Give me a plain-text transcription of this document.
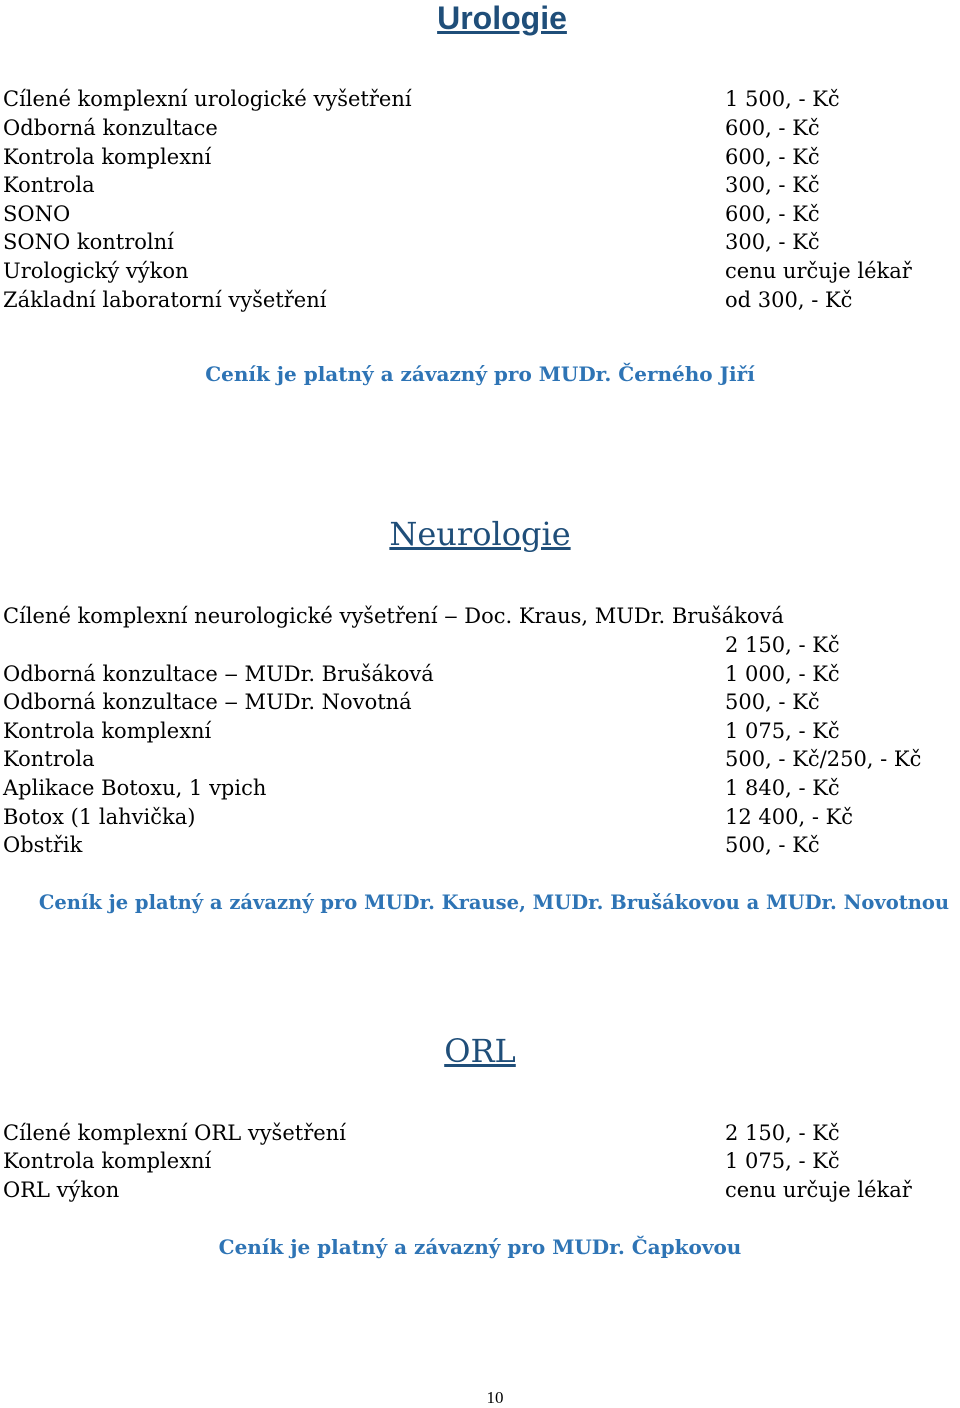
Urologie
Cílené komplexní urologické vyšetření	1 500, - Kč
Odborná konzultace	600, - Kč
Kontrola komplexní	600, - Kč
Kontrola	300, - Kč
SONO	600, - Kč
SONO kontrolní	300, - Kč
Urologický výkon	cenu určuje lékař
Základní laboratorní vyšetření	od 300, - Kč

Ceník je platný a závazný pro MUDr. Černého Jiří

Neurologie
Cílené komplexní neurologické vyšetření ‒ Doc. Kraus, MUDr. Brušáková
2 150, - Kč
Odborná konzultace ‒ MUDr. Brušáková	1 000, - Kč
Odborná konzultace ‒ MUDr. Novotná	500, - Kč
Kontrola komplexní	1 075, - Kč
Kontrola	500, - Kč/250, - Kč
Aplikace Botoxu, 1 vpich	1 840, - Kč
Botox (1 lahvička)	12 400, - Kč
Obstřik	500, - Kč

Ceník je platný a závazný pro MUDr. Krause, MUDr. Brušákovou a MUDr. Novotnou

ORL
Cílené komplexní ORL vyšetření	2 150, - Kč
Kontrola komplexní	1 075, - Kč
ORL výkon	cenu určuje lékař

Ceník je platný a závazný pro MUDr. Čapkovou

10
